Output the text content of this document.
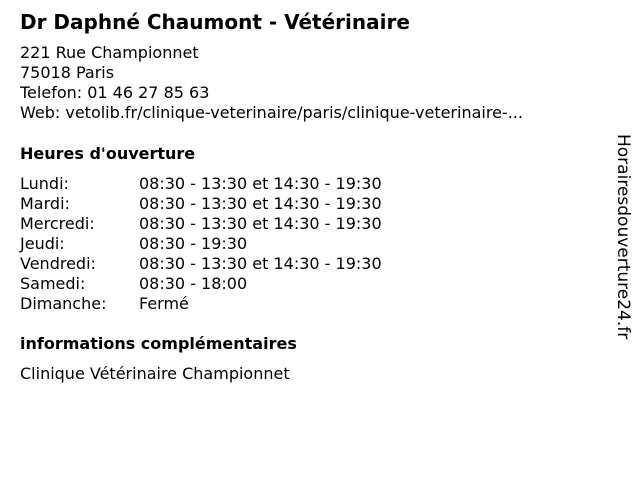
Dr Daphné Chaumont - Vétérinaire
221 Rue Championnet
75018 Paris
Telefon: 01 46 27 85 63
Web: vetolib.fr/clinique-veterinaire/paris/clinique-veterinaire-...
Heures d'ouverture
Lundi:	08:30 - 13:30 et 14:30 - 19:30
Mardi:	08:30 - 13:30 et 14:30 - 19:30
Mercredi:	08:30 - 13:30 et 14:30 - 19:30
Jeudi:	08:30 - 19:30
Vendredi:	08:30 - 13:30 et 14:30 - 19:30
Samedi:	08:30 - 18:00
Dimanche:	Fermé
informations complémentaires
Clinique Vétérinaire Championnet
Horairesdouverture24.fr
